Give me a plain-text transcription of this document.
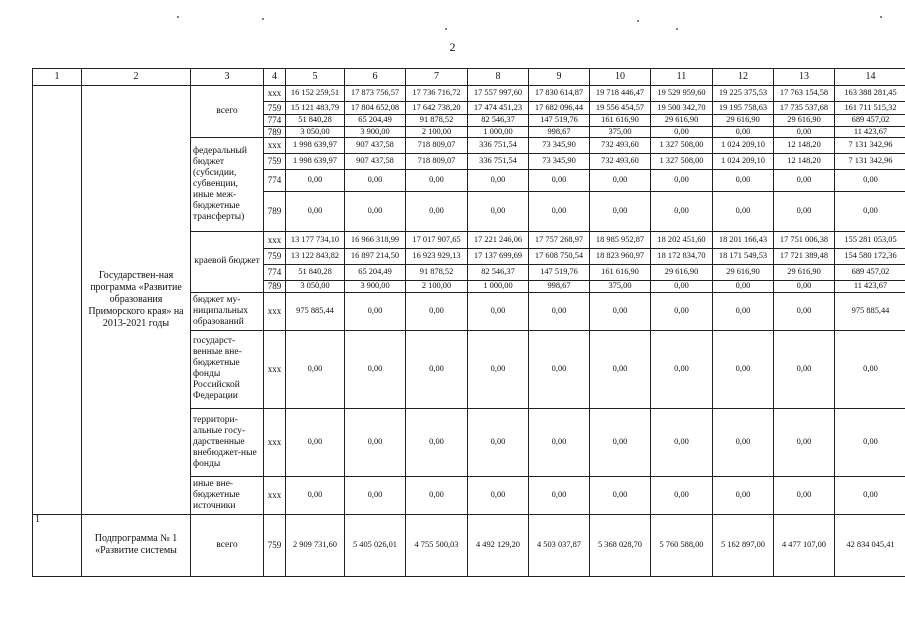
2
1	2	3	4	5	6	7	8	9	10	11	12	13	14
	Государствен-ная программа «Развитие образования Приморского края» на 2013-2021 годы	всего	ххх	16 152 259,51	17 873 756,57	17 736 716,72	17 557 997,60	17 830 614,87	19 718 446,47	19 529 959,60	19 225 375,53	17 763 154,58	163 388 281,45
			759	15 121 483,79	17 804 652,08	17 642 738,20	17 474 451,23	17 682 096,44	19 556 454,57	19 500 342,70	19 195 758,63	17 735 537,68	161 711 515,32
			774	51 840,28	65 204,49	91 878,52	82 546,37	147 519,76	161 616,90	29 616,90	29 616,90	29 616,90	689 457,02
			789	3 050,00	3 900,00	2 100,00	1 000,00	998,67	375,00	0,00	0,00	0,00	11 423,67
		федеральный бюджет (субсидии, субвенции, иные меж-бюджетные трансферты)	ххх	1 998 639,97	907 437,58	718 809,07	336 751,54	73 345,90	732 493,60	1 327 508,00	1 024 209,10	12 148,20	7 131 342,96
			759	1 998 639,97	907 437,58	718 809,07	336 751,54	73 345,90	732 493,60	1 327 508,00	1 024 209,10	12 148,20	7 131 342,96
			774	0,00	0,00	0,00	0,00	0,00	0,00	0,00	0,00	0,00	0,00
			789	0,00	0,00	0,00	0,00	0,00	0,00	0,00	0,00	0,00	0,00
		краевой бюджет	ххх	13 177 734,10	16 966 318,99	17 017 907,65	17 221 246,06	17 757 268,97	18 985 952,87	18 202 451,60	18 201 166,43	17 751 006,38	155 281 053,05
			759	13 122 843,82	16 897 214,50	16 923 929,13	17 137 699,69	17 608 750,54	18 823 960,97	18 172 834,70	18 171 549,53	17 721 389,48	154 580 172,36
			774	51 840,28	65 204,49	91 878,52	82 546,37	147 519,76	161 616,90	29 616,90	29 616,90	29 616,90	689 457,02
			789	3 050,00	3 900,00	2 100,00	1 000,00	998,67	375,00	0,00	0,00	0,00	11 423,67
		бюджет му-ниципальных образований	ххх	975 885,44	0,00	0,00	0,00	0,00	0,00	0,00	0,00	0,00	975 885,44
		государст-венные вне-бюджетные фонды Российской Федерации	ххх	0,00	0,00	0,00	0,00	0,00	0,00	0,00	0,00	0,00	0,00
		территори-альные госу-дарственные внебюджет-ные фонды	ххх	0,00	0,00	0,00	0,00	0,00	0,00	0,00	0,00	0,00	0,00
		иные вне-бюджетные источники	ххх	0,00	0,00	0,00	0,00	0,00	0,00	0,00	0,00	0,00	0,00
1	Подпрограмма № 1 «Развитие системы	всего	759	2 909 731,60	5 405 026,01	4 755 500,03	4 492 129,20	4 503 037,87	5 368 028,70	5 760 588,00	5 162 897,00	4 477 107,00	42 834 045,41
